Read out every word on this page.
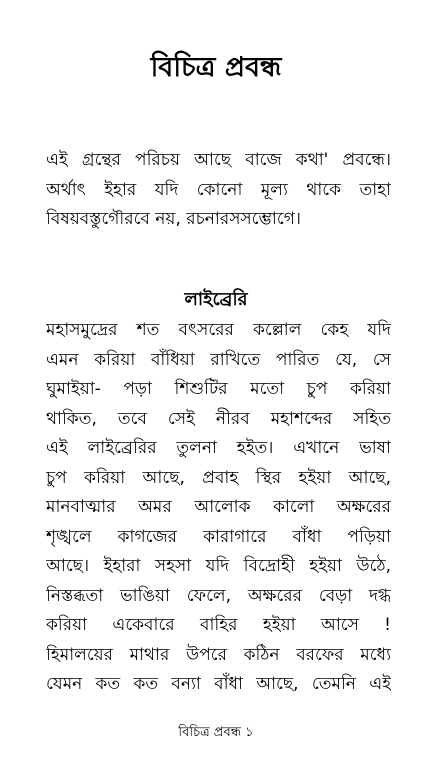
বিচিত্র প্রবন্ধ

এই গ্রন্থের পরিচয় আছে বাজে কথা' প্রবন্ধে।
অর্থাৎ ইহার যদি কোনো মূল্য থাকে তাহা
বিষয়বস্তুগৌরবে নয়, রচনারসসম্ভোগে।

লাইব্রেরি

মহাসমুদ্রের শত বৎসরের কল্লোল কেহ যদি
এমন করিয়া বাঁধিয়া রাখিতে পারিত যে, সে
ঘুমাইয়া- পড়া শিশুটির মতো চুপ করিয়া
থাকিত, তবে সেই নীরব মহাশব্দের সহিত
এই লাইব্রেরির তুলনা হইত। এখানে ভাষা
চুপ করিয়া আছে, প্রবাহ স্থির হইয়া আছে,
মানবাত্মার অমর আলোক কালো অক্ষরের
শৃঙ্খলে কাগজের কারাগারে বাঁধা পড়িয়া
আছে। ইহারা সহসা যদি বিদ্রোহী হইয়া উঠে,
নিস্তব্ধতা ভাঙিয়া ফেলে, অক্ষরের বেড়া দগ্ধ
করিয়া একেবারে বাহির হইয়া আসে !
হিমালয়ের মাথার উপরে কঠিন বরফের মধ্যে
যেমন কত কত বন্যা বাঁধা আছে, তেমনি এই

বিচিত্র প্রবন্ধ ১
